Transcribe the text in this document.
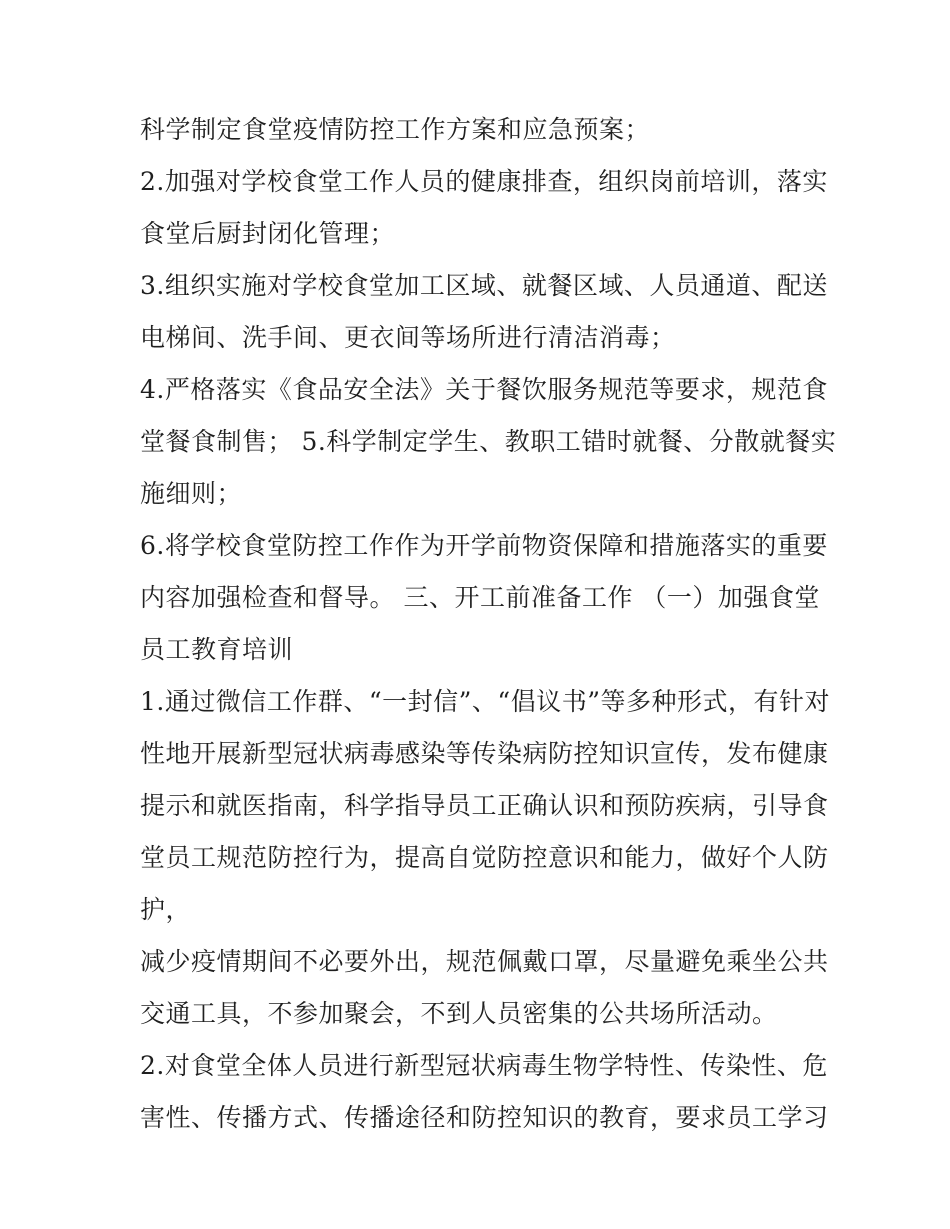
科学制定食堂疫情防控工作方案和应急预案；
2.加强对学校食堂工作人员的健康排查，组织岗前培训，落实
食堂后厨封闭化管理；
3.组织实施对学校食堂加工区域、就餐区域、人员通道、配送
电梯间、洗手间、更衣间等场所进行清洁消毒；
4.严格落实《食品安全法》关于餐饮服务规范等要求，规范食
堂餐食制售； 5.科学制定学生、教职工错时就餐、分散就餐实
施细则；
6.将学校食堂防控工作作为开学前物资保障和措施落实的重要
内容加强检查和督导。 三、开工前准备工作 （一）加强食堂
员工教育培训
1.通过微信工作群、“一封信”、“倡议书”等多种形式，有针对
性地开展新型冠状病毒感染等传染病防控知识宣传，发布健康
提示和就医指南，科学指导员工正确认识和预防疾病，引导食
堂员工规范防控行为，提高自觉防控意识和能力，做好个人防
护，
减少疫情期间不必要外出，规范佩戴口罩，尽量避免乘坐公共
交通工具，不参加聚会，不到人员密集的公共场所活动。
2.对食堂全体人员进行新型冠状病毒生物学特性、传染性、危
害性、传播方式、传播途径和防控知识的教育，要求员工学习
